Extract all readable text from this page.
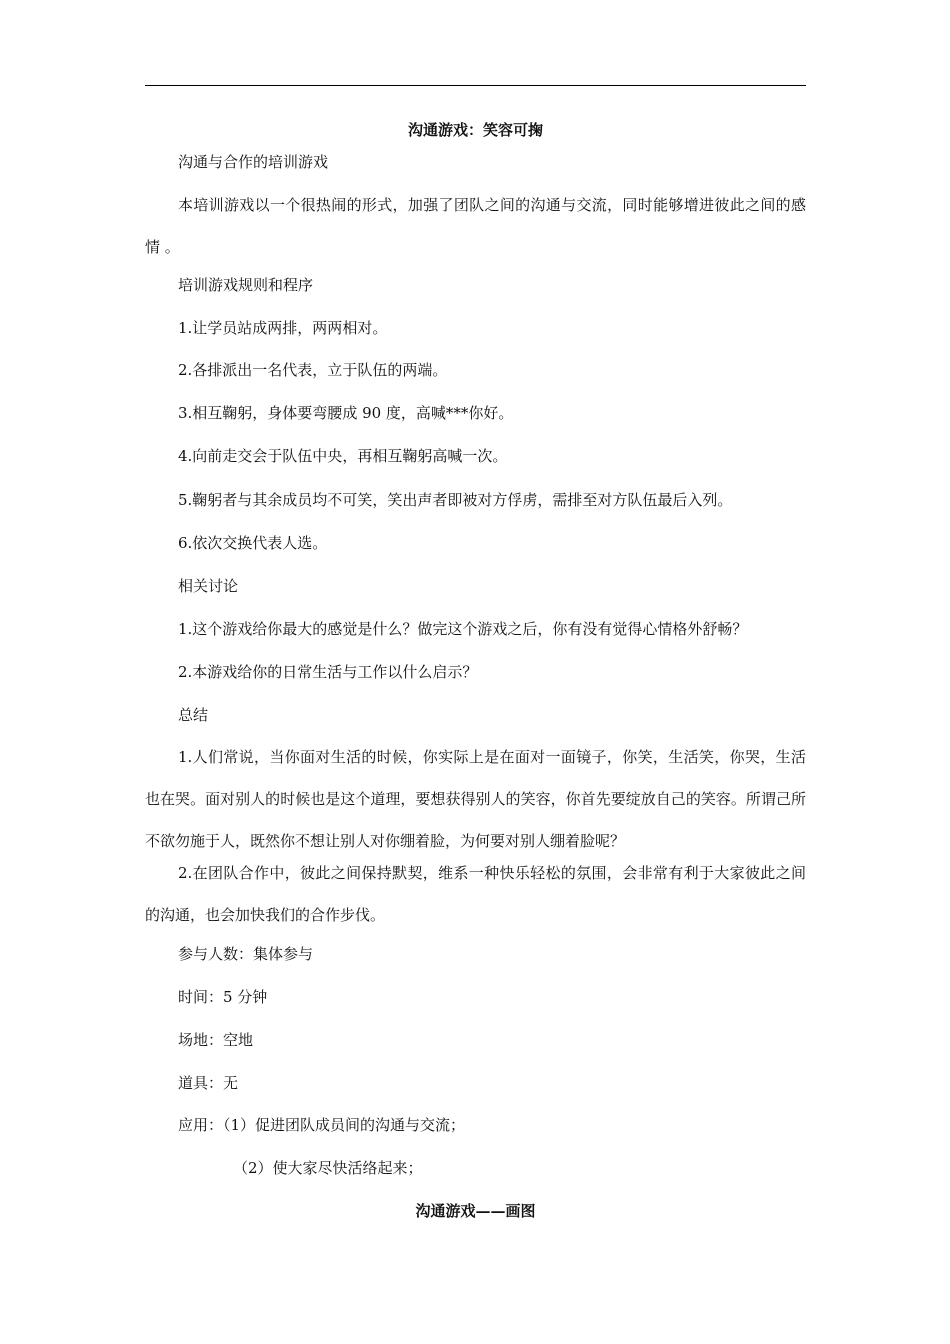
沟通游戏：笑容可掬
沟通与合作的培训游戏
本培训游戏以一个很热闹的形式，加强了团队之间的沟通与交流，同时能够增进彼此之间的感情 。
培训游戏规则和程序
1.让学员站成两排，两两相对。
2.各排派出一名代表，立于队伍的两端。
3.相互鞠躬，身体要弯腰成 90 度，高喊***你好。
4.向前走交会于队伍中央，再相互鞠躬高喊一次。
5.鞠躬者与其余成员均不可笑，笑出声者即被对方俘虏，需排至对方队伍最后入列。
6.依次交换代表人选。
相关讨论
1.这个游戏给你最大的感觉是什么？做完这个游戏之后，你有没有觉得心情格外舒畅？
2.本游戏给你的日常生活与工作以什么启示？
总结
1.人们常说，当你面对生活的时候，你实际上是在面对一面镜子，你笑，生活笑，你哭，生活也在哭。面对别人的时候也是这个道理，要想获得别人的笑容，你首先要绽放自己的笑容。所谓己所不欲勿施于人，既然你不想让别人对你绷着脸，为何要对别人绷着脸呢？
2.在团队合作中，彼此之间保持默契，维系一种快乐轻松的氛围，会非常有利于大家彼此之间的沟通，也会加快我们的合作步伐。
参与人数：集体参与
时间：5 分钟
场地：空地
道具：无
应用：（1）促进团队成员间的沟通与交流；
（2）使大家尽快活络起来；
沟通游戏——画图
